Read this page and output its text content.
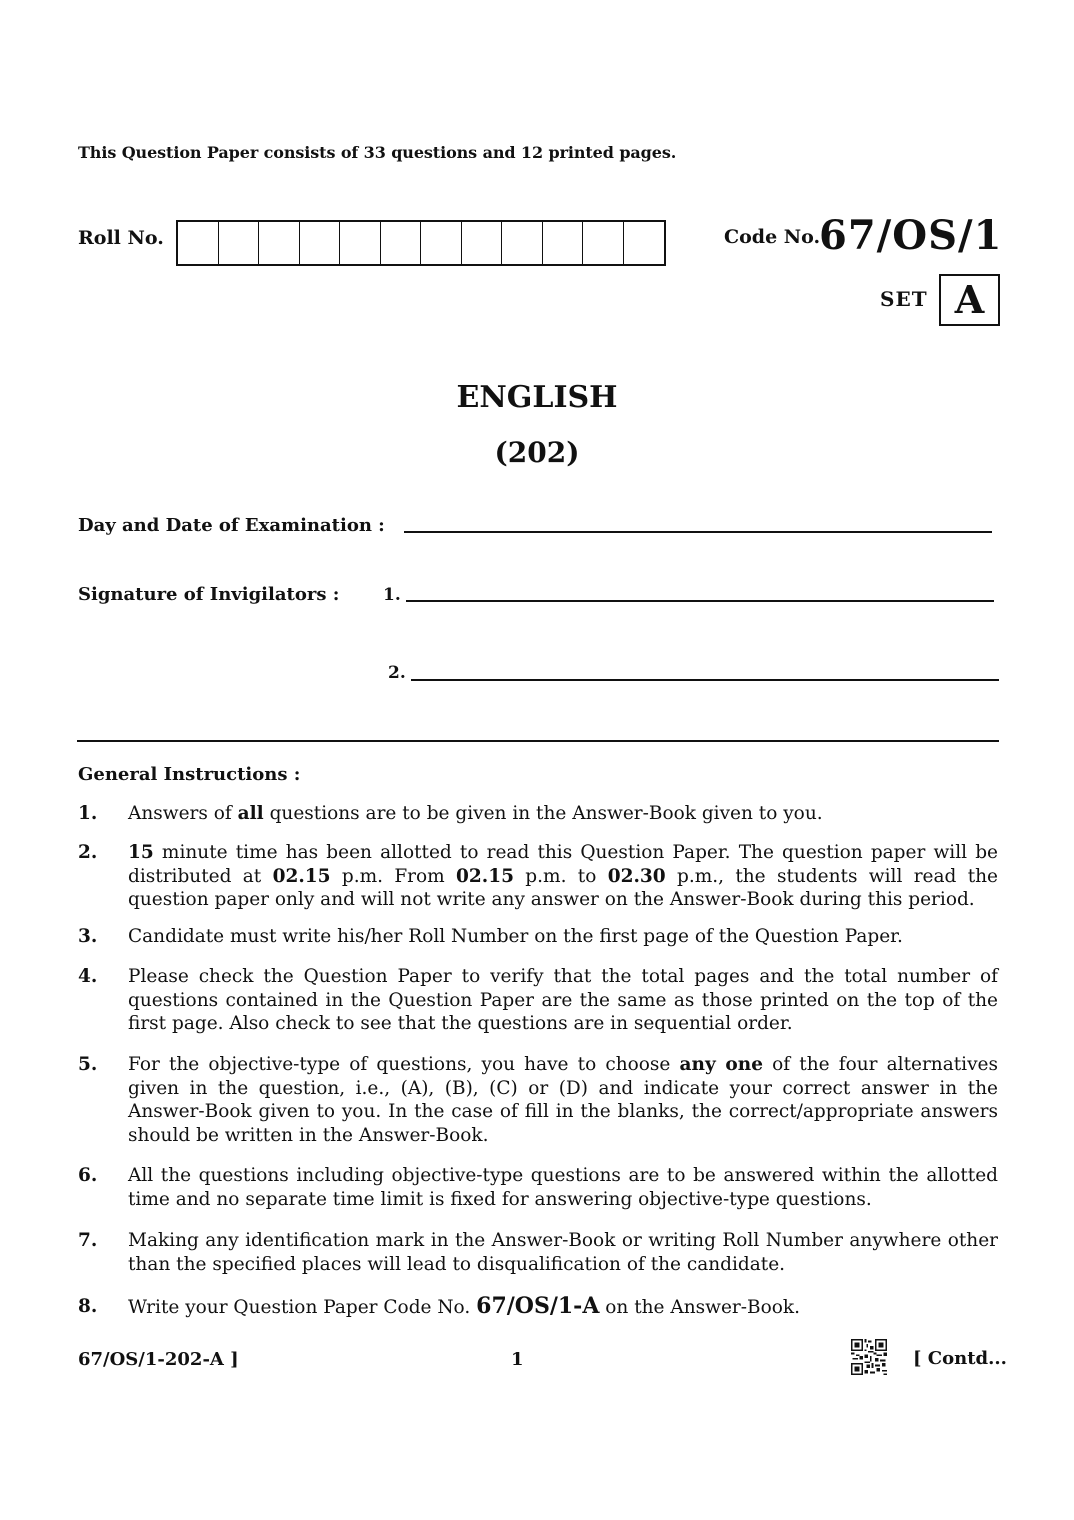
This Question Paper consists of 33 questions and 12 printed pages.
Roll No.	Code No.
67/OS/1
SET A
ENGLISH
(202)
Day and Date of Examination :
Signature of Invigilators :	1.
2.
General Instructions :
1.	Answers of all questions are to be given in the Answer-Book given to you.
2.	15 minute time has been allotted to read this Question Paper. The question paper will be distributed at 02.15 p.m. From 02.15 p.m. to 02.30 p.m., the students will read the question paper only and will not write any answer on the Answer-Book during this period.
3.	Candidate must write his/her Roll Number on the first page of the Question Paper.
4.	Please check the Question Paper to verify that the total pages and the total number of questions contained in the Question Paper are the same as those printed on the top of the first page. Also check to see that the questions are in sequential order.
5.	For the objective-type of questions, you have to choose any one of the four alternatives given in the question, i.e., (A), (B), (C) or (D) and indicate your correct answer in the Answer-Book given to you. In the case of fill in the blanks, the correct/appropriate answers should be written in the Answer-Book.
6.	All the questions including objective-type questions are to be answered within the allotted time and no separate time limit is fixed for answering objective-type questions.
7.	Making any identification mark in the Answer-Book or writing Roll Number anywhere other than the specified places will lead to disqualification of the candidate.
8.	Write your Question Paper Code No. 67/OS/1-A on the Answer-Book.
67/OS/1-202-A ]	1	[ Contd...
